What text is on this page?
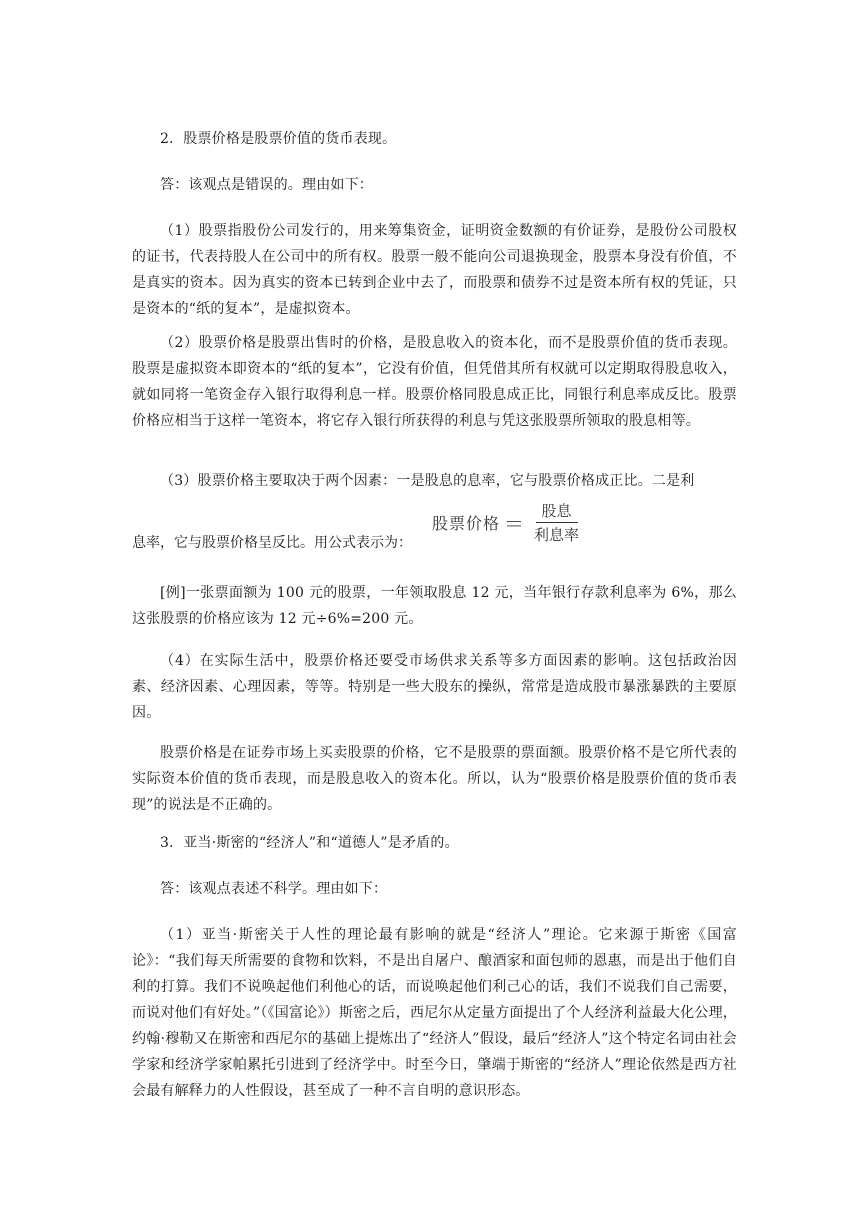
2．股票价格是股票价值的货币表现。

答：该观点是错误的。理由如下：

（1）股票指股份公司发行的，用来筹集资金，证明资金数额的有价证券，是股份公司股权的证书，代表持股人在公司中的所有权。股票一般不能向公司退换现金，股票本身没有价值，不是真实的资本。因为真实的资本已转到企业中去了，而股票和债券不过是资本所有权的凭证，只是资本的“纸的复本”，是虚拟资本。

（2）股票价格是股票出售时的价格，是股息收入的资本化，而不是股票价值的货币表现。股票是虚拟资本即资本的“纸的复本”，它没有价值，但凭借其所有权就可以定期取得股息收入，就如同将一笔资金存入银行取得利息一样。股票价格同股息成正比，同银行利息率成反比。股票价格应相当于这样一笔资本，将它存入银行所获得的利息与凭这张股票所领取的股息相等。

（3）股票价格主要取决于两个因素：一是股息的息率，它与股票价格成正比。二是利

息率，它与股票价格呈反比。用公式表示为：
股票价格 ＝ $\frac{\text{股息}}{\text{利息率}}$

[例]一张票面额为 100 元的股票，一年领取股息 12 元，当年银行存款利息率为 6%，那么这张股票的价格应该为 12 元÷6%=200 元。

（4）在实际生活中，股票价格还要受市场供求关系等多方面因素的影响。这包括政治因素、经济因素、心理因素，等等。特别是一些大股东的操纵，常常是造成股市暴涨暴跌的主要原因。

股票价格是在证券市场上买卖股票的价格，它不是股票的票面额。股票价格不是它所代表的实际资本价值的货币表现，而是股息收入的资本化。所以，认为“股票价格是股票价值的货币表现”的说法是不正确的。

3．亚当·斯密的“经济人”和“道德人”是矛盾的。

答：该观点表述不科学。理由如下：

（1）亚当·斯密关于人性的理论最有影响的就是“经济人”理论。它来源于斯密《国富论》：“我们每天所需要的食物和饮料，不是出自屠户、酿酒家和面包师的恩惠，而是出于他们自利的打算。我们不说唤起他们利他心的话，而说唤起他们利己心的话，我们不说我们自己需要，而说对他们有好处。”（《国富论》）斯密之后，西尼尔从定量方面提出了个人经济利益最大化公理，约翰·穆勒又在斯密和西尼尔的基础上提炼出了“经济人”假设，最后“经济人”这个特定名词由社会学家和经济学家帕累托引进到了经济学中。时至今日，肇端于斯密的“经济人”理论依然是西方社会最有解释力的人性假设，甚至成了一种不言自明的意识形态。
